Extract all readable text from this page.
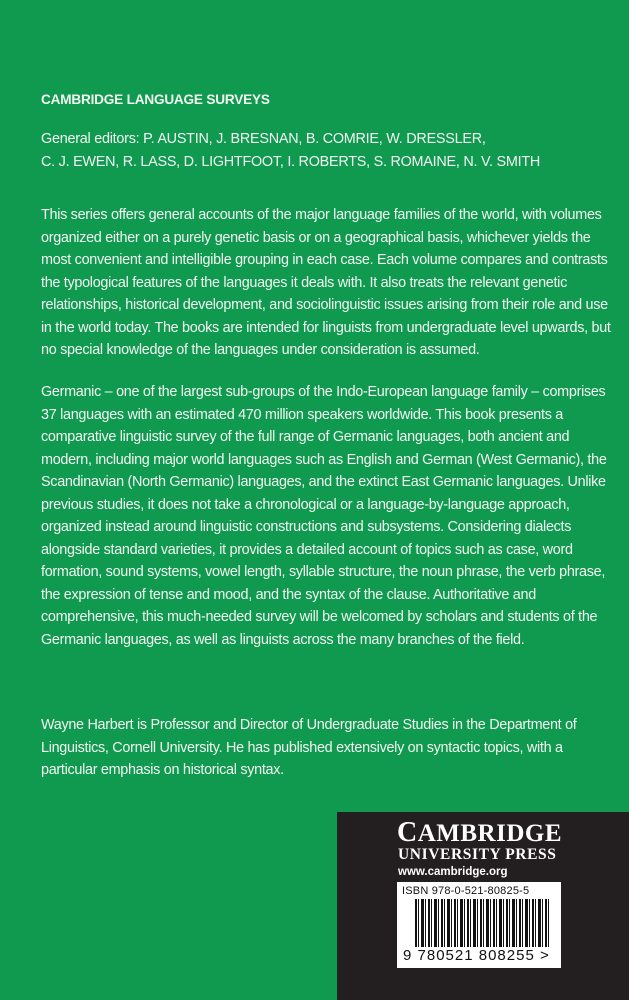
CAMBRIDGE LANGUAGE SURVEYS
General editors: P. AUSTIN, J. BRESNAN, B. COMRIE, W. DRESSLER,
C. J. EWEN, R. LASS, D. LIGHTFOOT, I. ROBERTS, S. ROMAINE, N. V. SMITH
This series offers general accounts of the major language families of the world, with volumes organized either on a purely genetic basis or on a geographical basis, whichever yields the most convenient and intelligible grouping in each case. Each volume compares and contrasts the typological features of the languages it deals with. It also treats the relevant genetic relationships, historical development, and sociolinguistic issues arising from their role and use in the world today. The books are intended for linguists from undergraduate level upwards, but no special knowledge of the languages under consideration is assumed.
Germanic – one of the largest sub-groups of the Indo-European language family – comprises 37 languages with an estimated 470 million speakers worldwide. This book presents a comparative linguistic survey of the full range of Germanic languages, both ancient and modern, including major world languages such as English and German (West Germanic), the Scandinavian (North Germanic) languages, and the extinct East Germanic languages. Unlike previous studies, it does not take a chronological or a language-by-language approach, organized instead around linguistic constructions and subsystems. Considering dialects alongside standard varieties, it provides a detailed account of topics such as case, word formation, sound systems, vowel length, syllable structure, the noun phrase, the verb phrase, the expression of tense and mood, and the syntax of the clause. Authoritative and comprehensive, this much-needed survey will be welcomed by scholars and students of the Germanic languages, as well as linguists across the many branches of the field.
Wayne Harbert is Professor and Director of Undergraduate Studies in the Department of Linguistics, Cornell University. He has published extensively on syntactic topics, with a particular emphasis on historical syntax.
CAMBRIDGE
UNIVERSITY PRESS
www.cambridge.org
ISBN 978-0-521-80825-5
9 780521 808255 >
